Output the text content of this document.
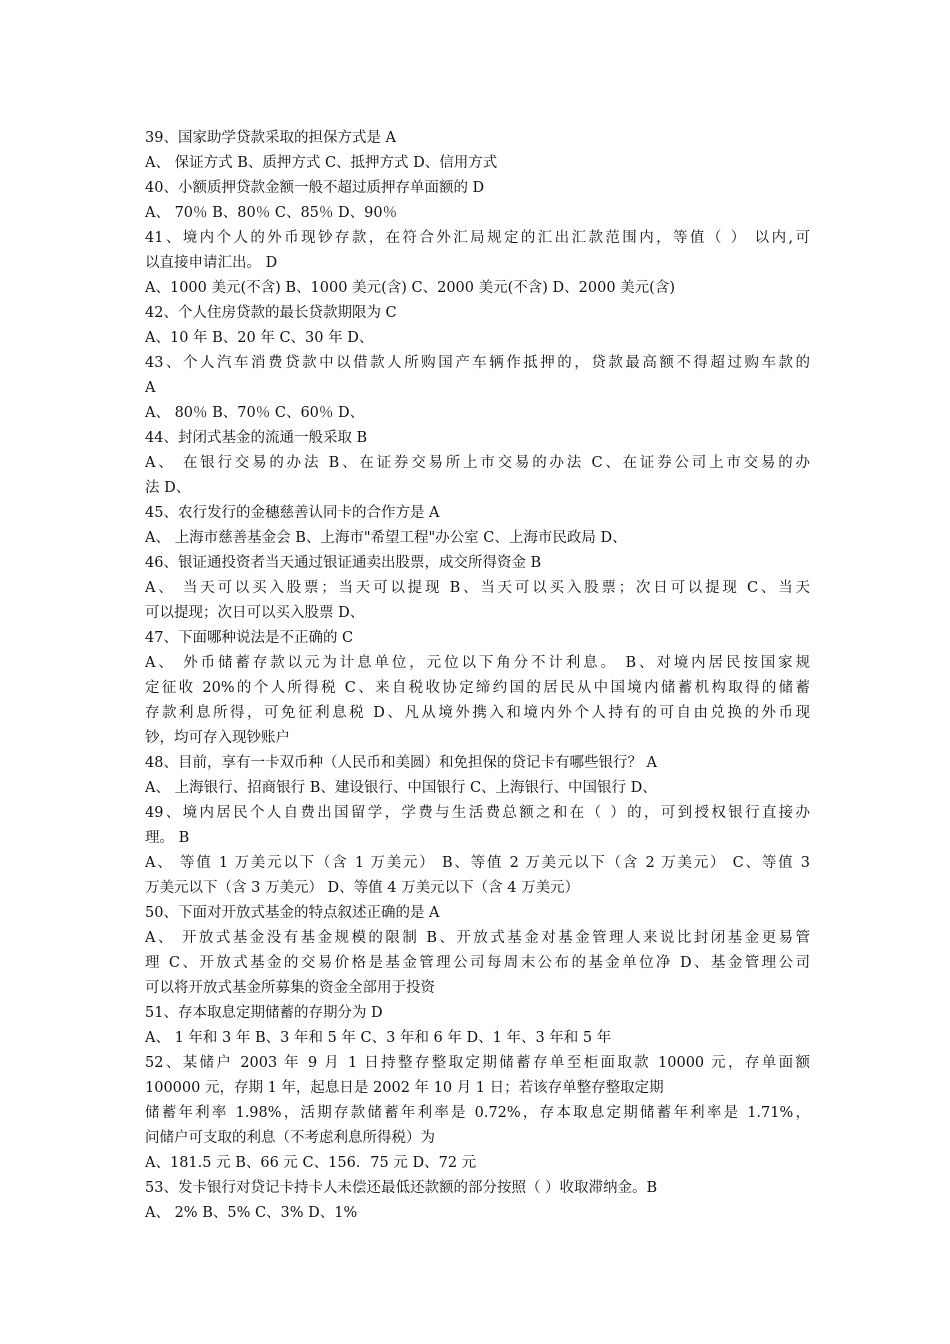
39、国家助学贷款采取的担保方式是 A
A、 保证方式 B、质押方式 C、抵押方式 D、信用方式
40、小额质押贷款金额一般不超过质押存单面额的 D
A、 70％ B、80％ C、85％ D、90％
41、境内个人的外币现钞存款，在符合外汇局规定的汇出汇款范围内，等值（ ） 以内,可
以直接申请汇出。 D
A、1000 美元(不含) B、1000 美元(含) C、2000 美元(不含) D、2000 美元(含)
42、个人住房贷款的最长贷款期限为 C
A、10 年 B、20 年 C、30 年 D、
43、个人汽车消费贷款中以借款人所购国产车辆作抵押的，贷款最高额不得超过购车款的
A
A、 80％ B、70％ C、60％ D、
44、封闭式基金的流通一般采取 B
A、 在银行交易的办法 B、在证券交易所上市交易的办法 C、在证券公司上市交易的办
法 D、
45、农行发行的金穗慈善认同卡的合作方是 A
A、 上海市慈善基金会 B、上海市"希望工程"办公室 C、上海市民政局 D、
46、银证通投资者当天通过银证通卖出股票，成交所得资金 B
A、 当天可以买入股票；当天可以提现 B、当天可以买入股票；次日可以提现 C、当天
可以提现；次日可以买入股票 D、
47、下面哪种说法是不正确的 C
A、 外币储蓄存款以元为计息单位，元位以下角分不计利息。 B、对境内居民按国家规
定征收 20%的个人所得税 C、来自税收协定缔约国的居民从中国境内储蓄机构取得的储蓄
存款利息所得，可免征利息税 D、凡从境外携入和境内外个人持有的可自由兑换的外币现
钞，均可存入现钞账户
48、目前，享有一卡双币种（人民币和美圆）和免担保的贷记卡有哪些银行？ A
A、 上海银行、招商银行 B、建设银行、中国银行 C、上海银行、中国银行 D、
49、境内居民个人自费出国留学，学费与生活费总额之和在（ ）的，可到授权银行直接办
理。 B
A、 等值 1 万美元以下（含 1 万美元） B、等值 2 万美元以下（含 2 万美元） C、等值 3
万美元以下（含 3 万美元） D、等值 4 万美元以下（含 4 万美元）
50、下面对开放式基金的特点叙述正确的是 A
A、 开放式基金没有基金规模的限制 B、开放式基金对基金管理人来说比封闭基金更易管
理 C、开放式基金的交易价格是基金管理公司每周末公布的基金单位净 D、基金管理公司
可以将开放式基金所募集的资金全部用于投资
51、存本取息定期储蓄的存期分为 D
A、 1 年和 3 年 B、3 年和 5 年 C、3 年和 6 年 D、1 年、3 年和 5 年
52、某储户 2003 年 9 月 1 日持整存整取定期储蓄存单至柜面取款 10000 元，存单面额
100000 元，存期 1 年，起息日是 2002 年 10 月 1 日；若该存单整存整取定期
储蓄年利率 1.98%，活期存款储蓄年利率是 0.72%，存本取息定期储蓄年利率是 1.71%，
问储户可支取的利息（不考虑利息所得税）为
A、181.5 元 B、66 元 C、156．75 元 D、72 元
53、发卡银行对贷记卡持卡人未偿还最低还款额的部分按照（ ）收取滞纳金。B
A、 2% B、5% C、3% D、1%
